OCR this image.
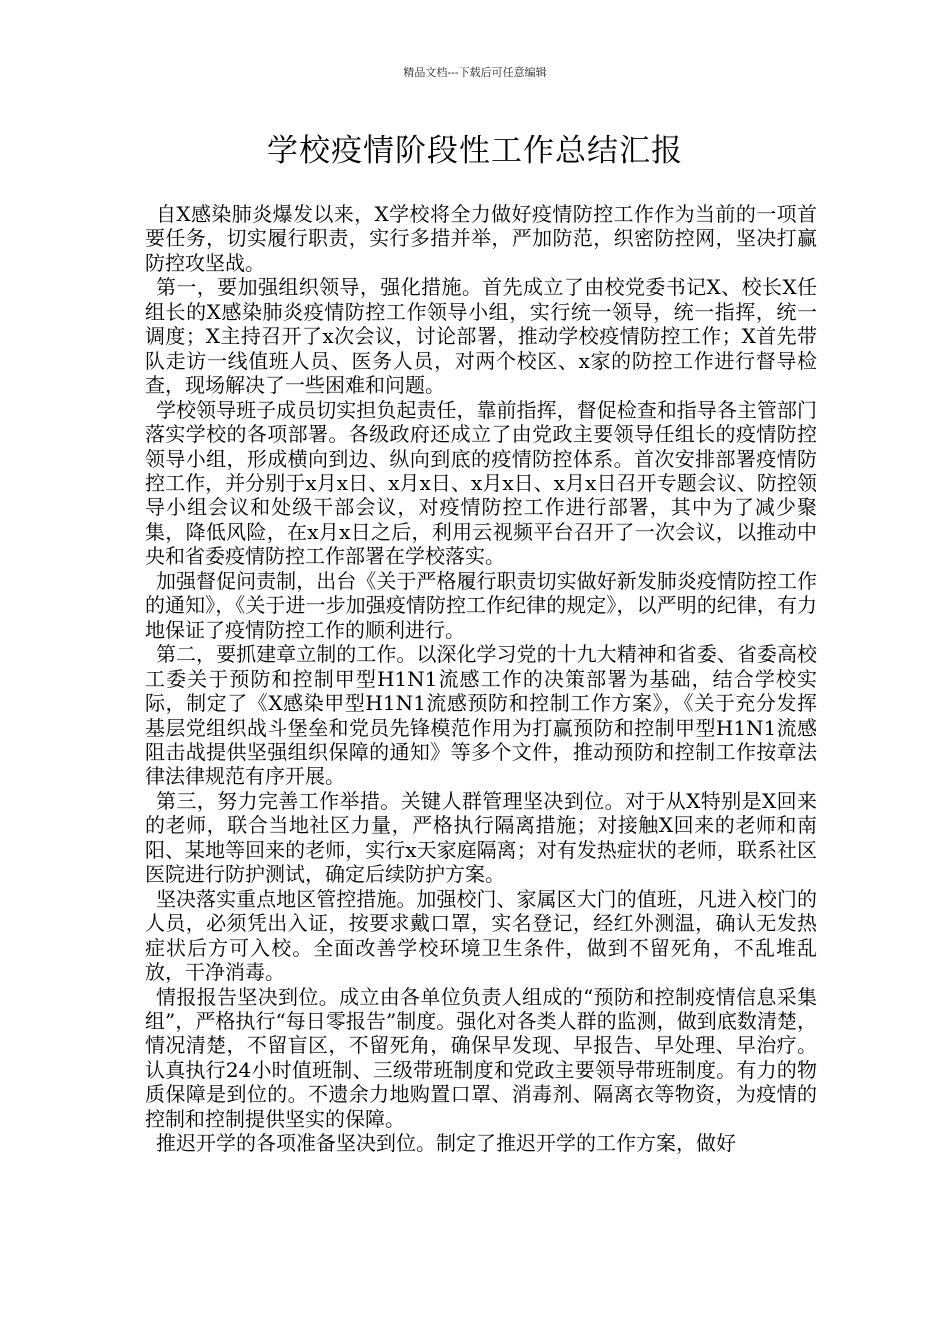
精品文档---下载后可任意编辑
学校疫情阶段性工作总结汇报

自X感染肺炎爆发以来，X学校将全力做好疫情防控工作作为当前的一项首要任务，切实履行职责，实行多措并举，严加防范，织密防控网，坚决打赢防控攻坚战。

第一，要加强组织领导，强化措施。首先成立了由校党委书记X、校长X任组长的X感染肺炎疫情防控工作领导小组，实行统一领导，统一指挥，统一调度；X主持召开了x次会议，讨论部署，推动学校疫情防控工作；X首先带队走访一线值班人员、医务人员，对两个校区、x家的防控工作进行督导检查，现场解决了一些困难和问题。

学校领导班子成员切实担负起责任，靠前指挥，督促检查和指导各主管部门落实学校的各项部署。各级政府还成立了由党政主要领导任组长的疫情防控领导小组，形成横向到边、纵向到底的疫情防控体系。首次安排部署疫情防控工作，并分别于x月x日、x月x日、x月x日、x月x日召开专题会议、防控领导小组会议和处级干部会议，对疫情防控工作进行部署，其中为了减少聚集，降低风险，在x月x日之后，利用云视频平台召开了一次会议，以推动中央和省委疫情防控工作部署在学校落实。

加强督促问责制，出台《关于严格履行职责切实做好新发肺炎疫情防控工作的通知》，《关于进一步加强疫情防控工作纪律的规定》，以严明的纪律，有力地保证了疫情防控工作的顺利进行。

第二，要抓建章立制的工作。以深化学习党的十九大精神和省委、省委高校工委关于预防和控制甲型H1N1流感工作的决策部署为基础，结合学校实际，制定了《X感染甲型H1N1流感预防和控制工作方案》，《关于充分发挥基层党组织战斗堡垒和党员先锋模范作用为打赢预防和控制甲型H1N1流感阻击战提供坚强组织保障的通知》等多个文件，推动预防和控制工作按章法律法律规范有序开展。

第三，努力完善工作举措。关键人群管理坚决到位。对于从X特别是X回来的老师，联合当地社区力量，严格执行隔离措施；对接触X回来的老师和南阳、某地等回来的老师，实行x天家庭隔离；对有发热症状的老师，联系社区医院进行防护测试，确定后续防护方案。

坚决落实重点地区管控措施。加强校门、家属区大门的值班，凡进入校门的人员，必须凭出入证，按要求戴口罩，实名登记，经红外测温，确认无发热症状后方可入校。全面改善学校环境卫生条件，做到不留死角，不乱堆乱放，干净消毒。

情报报告坚决到位。成立由各单位负责人组成的“预防和控制疫情信息采集组”，严格执行“每日零报告”制度。强化对各类人群的监测，做到底数清楚，情况清楚，不留盲区，不留死角，确保早发现、早报告、早处理、早治疗。认真执行24小时值班制、三级带班制度和党政主要领导带班制度。有力的物质保障是到位的。不遗余力地购置口罩、消毒剂、隔离衣等物资，为疫情的控制和控制提供坚实的保障。

推迟开学的各项准备坚决到位。制定了推迟开学的工作方案，做好
